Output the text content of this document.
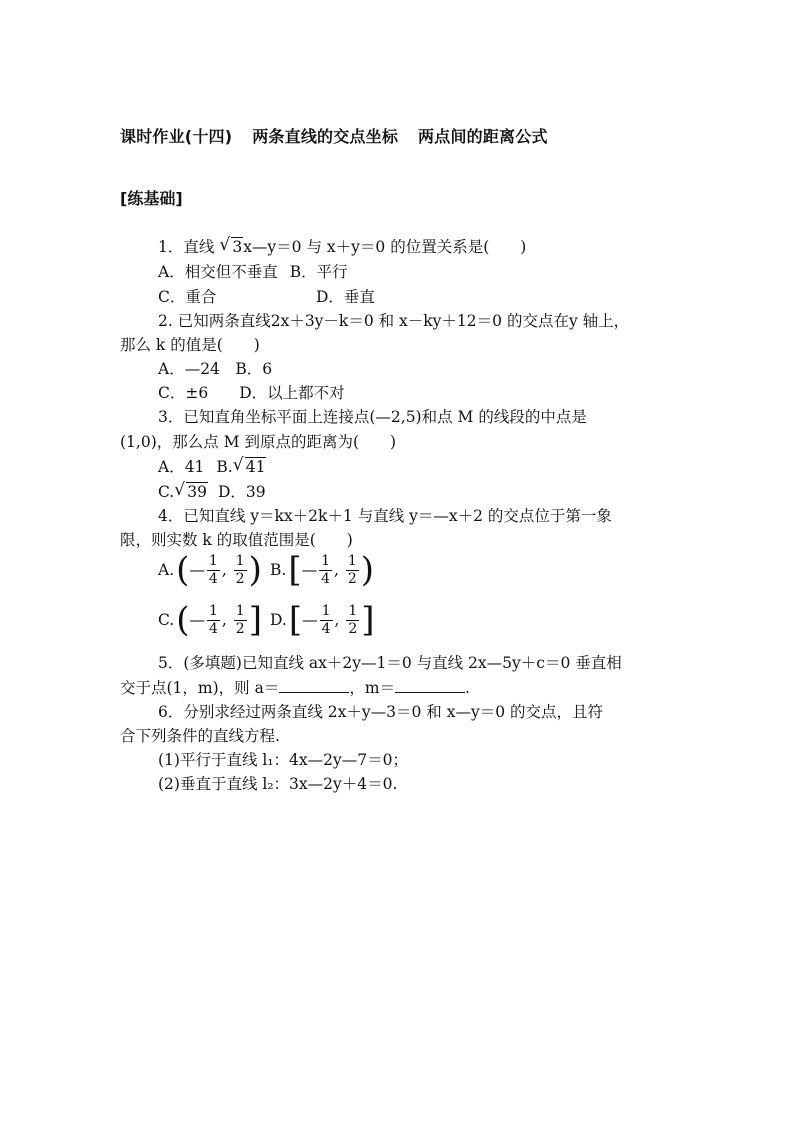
课时作业(十四) 两条直线的交点坐标 两点间的距离公式
[练基础]
1．直线 √ 3x—y＝0 与 x＋y＝0 的位置关系是(　　)
A．相交但不垂直 B．平行
C．重合	D．垂直
2. 已知两条直线2x＋3y－k＝0 和 x－ky＋12＝0 的交点在y 轴上，
那么 k 的值是(　　)
A．—24　B．6
C．±6　　D．以上都不对
3．已知直角坐标平面上连接点(—2,5)和点 M 的线段的中点是
(1,0)，那么点 M 到原点的距离为(　　)
A．41 B. √ 41
C. √ 39 D．39
4．已知直线 y＝kx＋2k＋1 与直线 y＝—x＋2 的交点位于第一象
限，则实数 k 的取值范围是(　　)
A. ( — $\frac{1}{4}$ , $\frac{1}{2}$ ) B. [ — $\frac{1}{4}$ , $\frac{1}{2}$ )
C. ( — $\frac{1}{4}$ , $\frac{1}{2}$ ] D. [ — $\frac{1}{4}$ , $\frac{1}{2}$ ]
5．(多填题)已知直线 ax＋2y—1＝0 与直线 2x—5y＋c＝0 垂直相
交于点(1，m)，则 a＝	，m＝	.
6．分别求经过两条直线 2x＋y—3＝0 和 x—y＝0 的交点，且符
合下列条件的直线方程.
(1)平行于直线 l₁：4x—2y—7＝0；
(2)垂直于直线 l₂：3x—2y＋4＝0.
